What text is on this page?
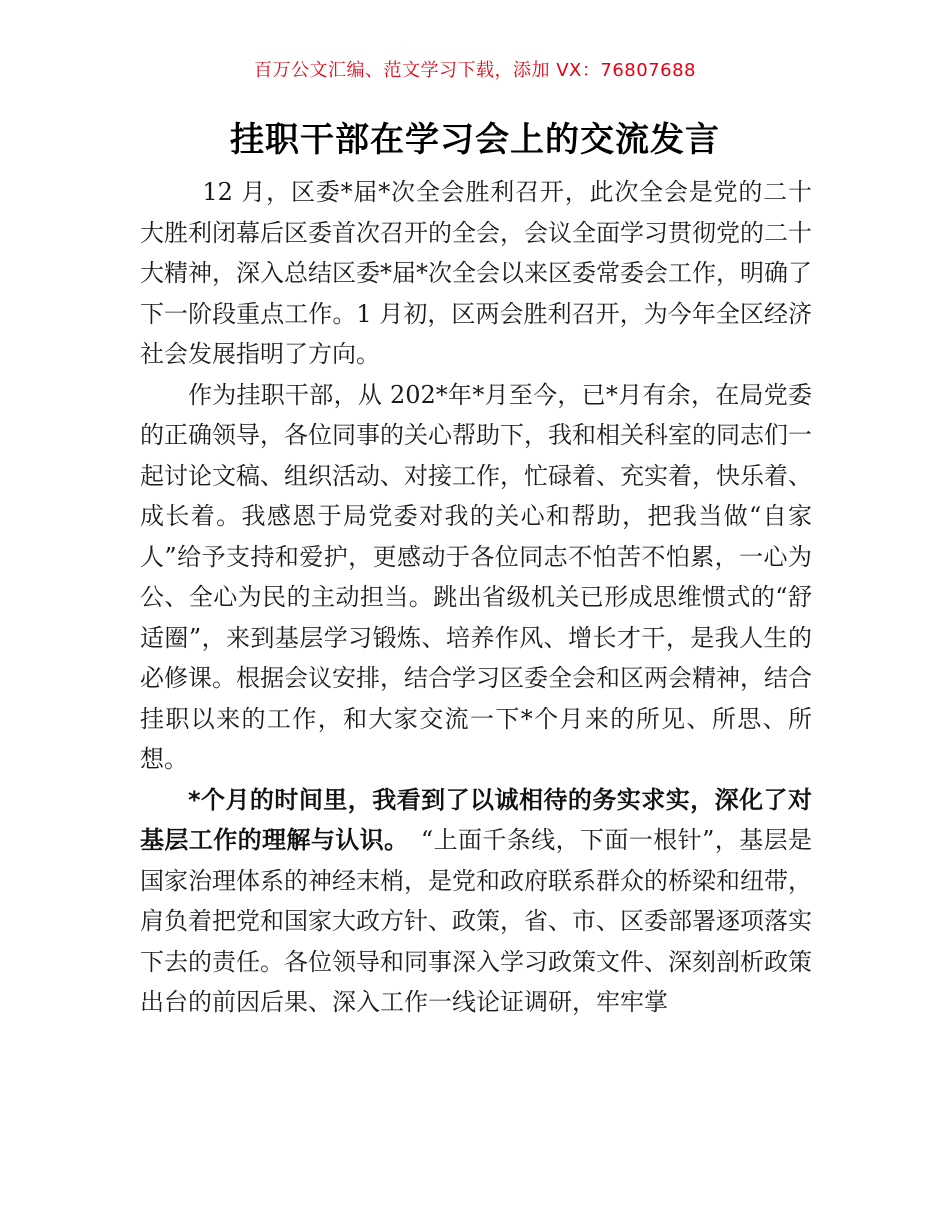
百万公文汇编、范文学习下载，添加 VX：76807688
挂职干部在学习会上的交流发言

12 月，区委*届*次全会胜利召开，此次全会是党的二十大胜利闭幕后区委首次召开的全会，会议全面学习贯彻党的二十大精神，深入总结区委*届*次全会以来区委常委会工作，明确了下一阶段重点工作。1 月初，区两会胜利召开，为今年全区经济社会发展指明了方向。

作为挂职干部，从 202*年*月至今，已*月有余，在局党委的正确领导，各位同事的关心帮助下，我和相关科室的同志们一起讨论文稿、组织活动、对接工作，忙碌着、充实着，快乐着、成长着。我感恩于局党委对我的关心和帮助，把我当做“自家人”给予支持和爱护，更感动于各位同志不怕苦不怕累，一心为公、全心为民的主动担当。跳出省级机关已形成思维惯式的“舒适圈”，来到基层学习锻炼、培养作风、增长才干，是我人生的必修课。根据会议安排，结合学习区委全会和区两会精神，结合挂职以来的工作，和大家交流一下*个月来的所见、所思、所想。

*个月的时间里，我看到了以诚相待的务实求实，深化了对基层工作的理解与认识。　“上面千条线，下面一根针”，基层是国家治理体系的神经末梢，是党和政府联系群众的桥梁和纽带，肩负着把党和国家大政方针、政策，省、市、区委部署逐项落实下去的责任。各位领导和同事深入学习政策文件、深刻剖析政策出台的前因后果、深入工作一线论证调研，牢牢掌
